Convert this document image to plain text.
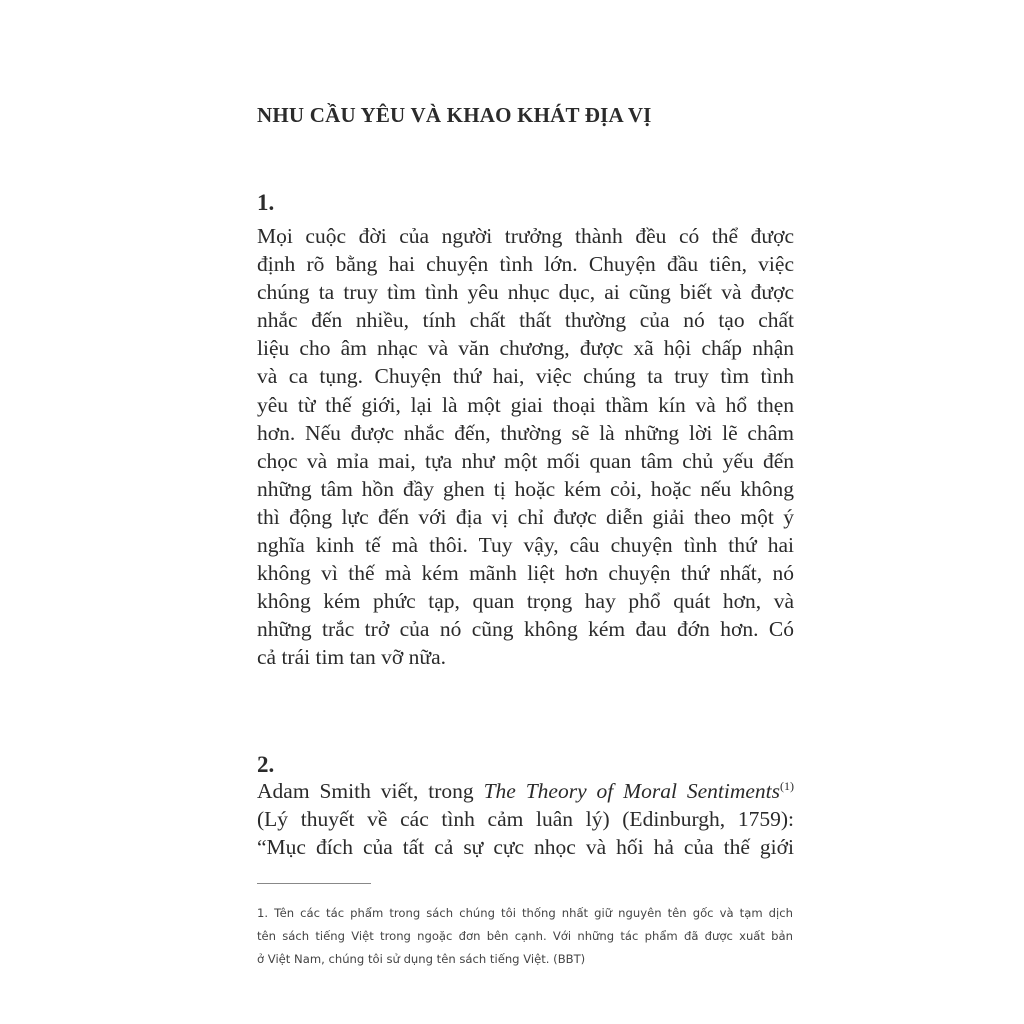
NHU CẦU YÊU VÀ KHAO KHÁT ĐỊA VỊ
1.
Mọi cuộc đời của người trưởng thành đều có thể được
định rõ bằng hai chuyện tình lớn. Chuyện đầu tiên, việc
chúng ta truy tìm tình yêu nhục dục, ai cũng biết và được
nhắc đến nhiều, tính chất thất thường của nó tạo chất
liệu cho âm nhạc và văn chương, được xã hội chấp nhận
và ca tụng. Chuyện thứ hai, việc chúng ta truy tìm tình
yêu từ thế giới, lại là một giai thoại thầm kín và hổ thẹn
hơn. Nếu được nhắc đến, thường sẽ là những lời lẽ châm
chọc và mỉa mai, tựa như một mối quan tâm chủ yếu đến
những tâm hồn đầy ghen tị hoặc kém cỏi, hoặc nếu không
thì động lực đến với địa vị chỉ được diễn giải theo một ý
nghĩa kinh tế mà thôi. Tuy vậy, câu chuyện tình thứ hai
không vì thế mà kém mãnh liệt hơn chuyện thứ nhất, nó
không kém phức tạp, quan trọng hay phổ quát hơn, và
những trắc trở của nó cũng không kém đau đớn hơn. Có
cả trái tim tan vỡ nữa.
2.
Adam Smith viết, trong The Theory of Moral Sentiments$^{(1)}$
(Lý thuyết về các tình cảm luân lý) (Edinburgh, 1759):
“Mục đích của tất cả sự cực nhọc và hối hả của thế giới
1. Tên các tác phẩm trong sách chúng tôi thống nhất giữ nguyên tên gốc và tạm dịch
tên sách tiếng Việt trong ngoặc đơn bên cạnh. Với những tác phẩm đã được xuất bản
ở Việt Nam, chúng tôi sử dụng tên sách tiếng Việt. (BBT)
